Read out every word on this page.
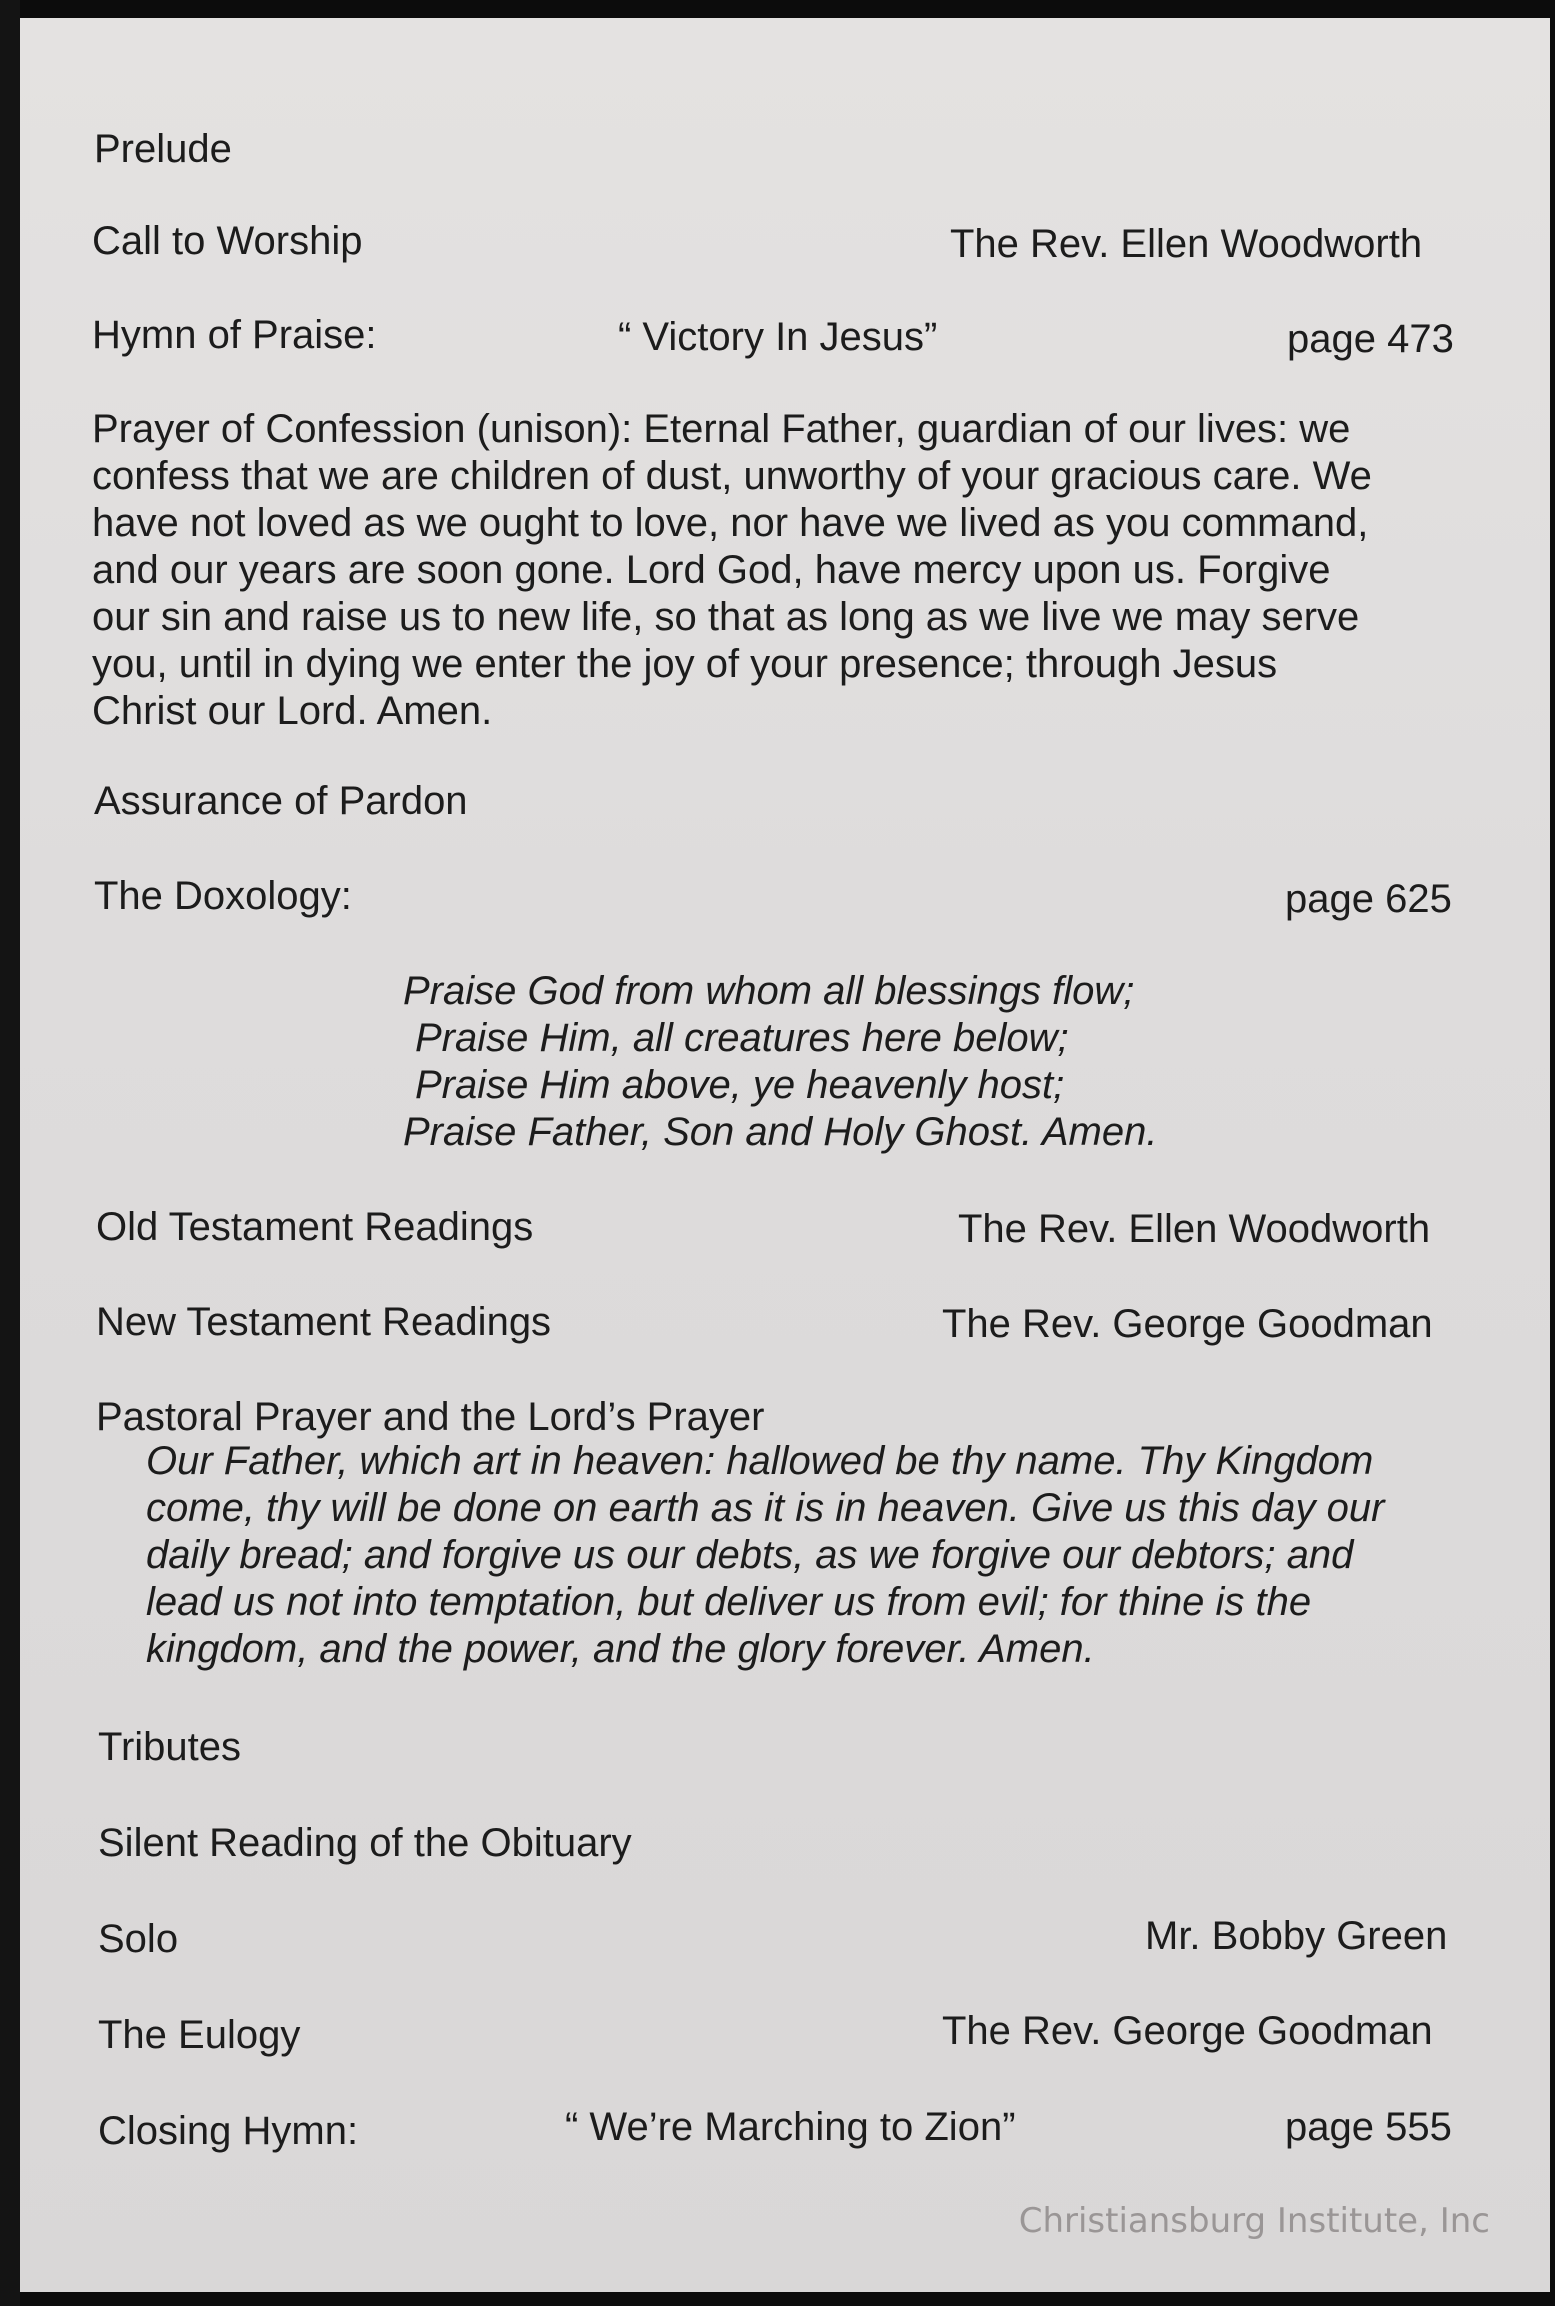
Prelude
Call to Worship	The Rev. Ellen Woodworth
Hymn of Praise:	“ Victory In Jesus”	page 473
Prayer of Confession (unison): Eternal Father, guardian of our lives: we
confess that we are children of dust, unworthy of your gracious care. We
have not loved as we ought to love, nor have we lived as you command,
and our years are soon gone. Lord God, have mercy upon us. Forgive
our sin and raise us to new life, so that as long as we live we may serve
you, until in dying we enter the joy of your presence; through Jesus
Christ our Lord. Amen.
Assurance of Pardon
The Doxology:	page 625
Praise God from whom all blessings flow;
Praise Him, all creatures here below;
Praise Him above, ye heavenly host;
Praise Father, Son and Holy Ghost. Amen.
Old Testament Readings	The Rev. Ellen Woodworth
New Testament Readings	The Rev. George Goodman
Pastoral Prayer and the Lord’s Prayer
Our Father, which art in heaven: hallowed be thy name. Thy Kingdom
come, thy will be done on earth as it is in heaven. Give us this day our
daily bread; and forgive us our debts, as we forgive our debtors; and
lead us not into temptation, but deliver us from evil; for thine is the
kingdom, and the power, and the glory forever. Amen.
Tributes
Silent Reading of the Obituary
Solo	Mr. Bobby Green
The Eulogy	The Rev. George Goodman
Closing Hymn:	“ We’re Marching to Zion”	page 555
Christiansburg Institute, Inc
